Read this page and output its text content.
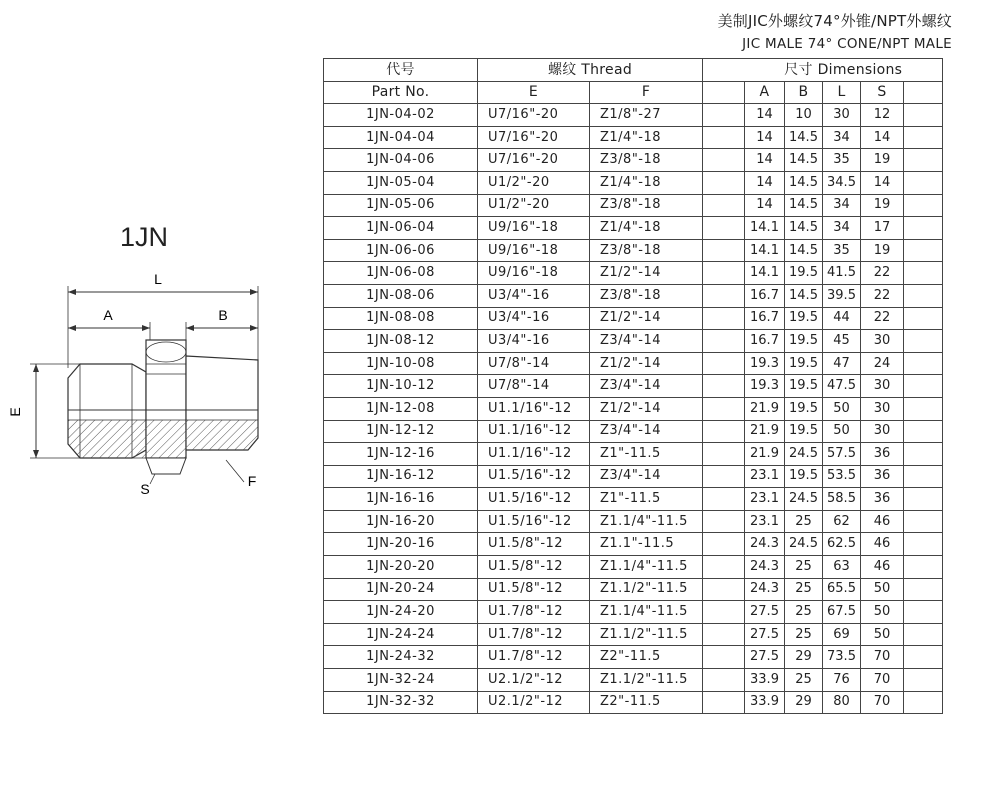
美制JIC外螺纹74°外锥/NPT外螺纹
JIC MALE 74° CONE/NPT MALE
1JN
L
A	B
E
S	F
代号	螺纹 Thread			尺寸 Dimensions				
Part No.	E	F		A	B	L	S	
1JN-04-02	U7/16"-20	Z1/8"-27		14	10	30	12	
1JN-04-04	U7/16"-20	Z1/4"-18		14	14.5	34	14	
1JN-04-06	U7/16"-20	Z3/8"-18		14	14.5	35	19	
1JN-05-04	U1/2"-20	Z1/4"-18		14	14.5	34.5	14	
1JN-05-06	U1/2"-20	Z3/8"-18		14	14.5	34	19	
1JN-06-04	U9/16"-18	Z1/4"-18		14.1	14.5	34	17	
1JN-06-06	U9/16"-18	Z3/8"-18		14.1	14.5	35	19	
1JN-06-08	U9/16"-18	Z1/2"-14		14.1	19.5	41.5	22	
1JN-08-06	U3/4"-16	Z3/8"-18		16.7	14.5	39.5	22	
1JN-08-08	U3/4"-16	Z1/2"-14		16.7	19.5	44	22	
1JN-08-12	U3/4"-16	Z3/4"-14		16.7	19.5	45	30	
1JN-10-08	U7/8"-14	Z1/2"-14		19.3	19.5	47	24	
1JN-10-12	U7/8"-14	Z3/4"-14		19.3	19.5	47.5	30	
1JN-12-08	U1.1/16"-12	Z1/2"-14		21.9	19.5	50	30	
1JN-12-12	U1.1/16"-12	Z3/4"-14		21.9	19.5	50	30	
1JN-12-16	U1.1/16"-12	Z1"-11.5		21.9	24.5	57.5	36	
1JN-16-12	U1.5/16"-12	Z3/4"-14		23.1	19.5	53.5	36	
1JN-16-16	U1.5/16"-12	Z1"-11.5		23.1	24.5	58.5	36	
1JN-16-20	U1.5/16"-12	Z1.1/4"-11.5		23.1	25	62	46	
1JN-20-16	U1.5/8"-12	Z1.1"-11.5		24.3	24.5	62.5	46	
1JN-20-20	U1.5/8"-12	Z1.1/4"-11.5		24.3	25	63	46	
1JN-20-24	U1.5/8"-12	Z1.1/2"-11.5		24.3	25	65.5	50	
1JN-24-20	U1.7/8"-12	Z1.1/4"-11.5		27.5	25	67.5	50	
1JN-24-24	U1.7/8"-12	Z1.1/2"-11.5		27.5	25	69	50	
1JN-24-32	U1.7/8"-12	Z2"-11.5		27.5	29	73.5	70	
1JN-32-24	U2.1/2"-12	Z1.1/2"-11.5		33.9	25	76	70	
1JN-32-32	U2.1/2"-12	Z2"-11.5		33.9	29	80	70	
